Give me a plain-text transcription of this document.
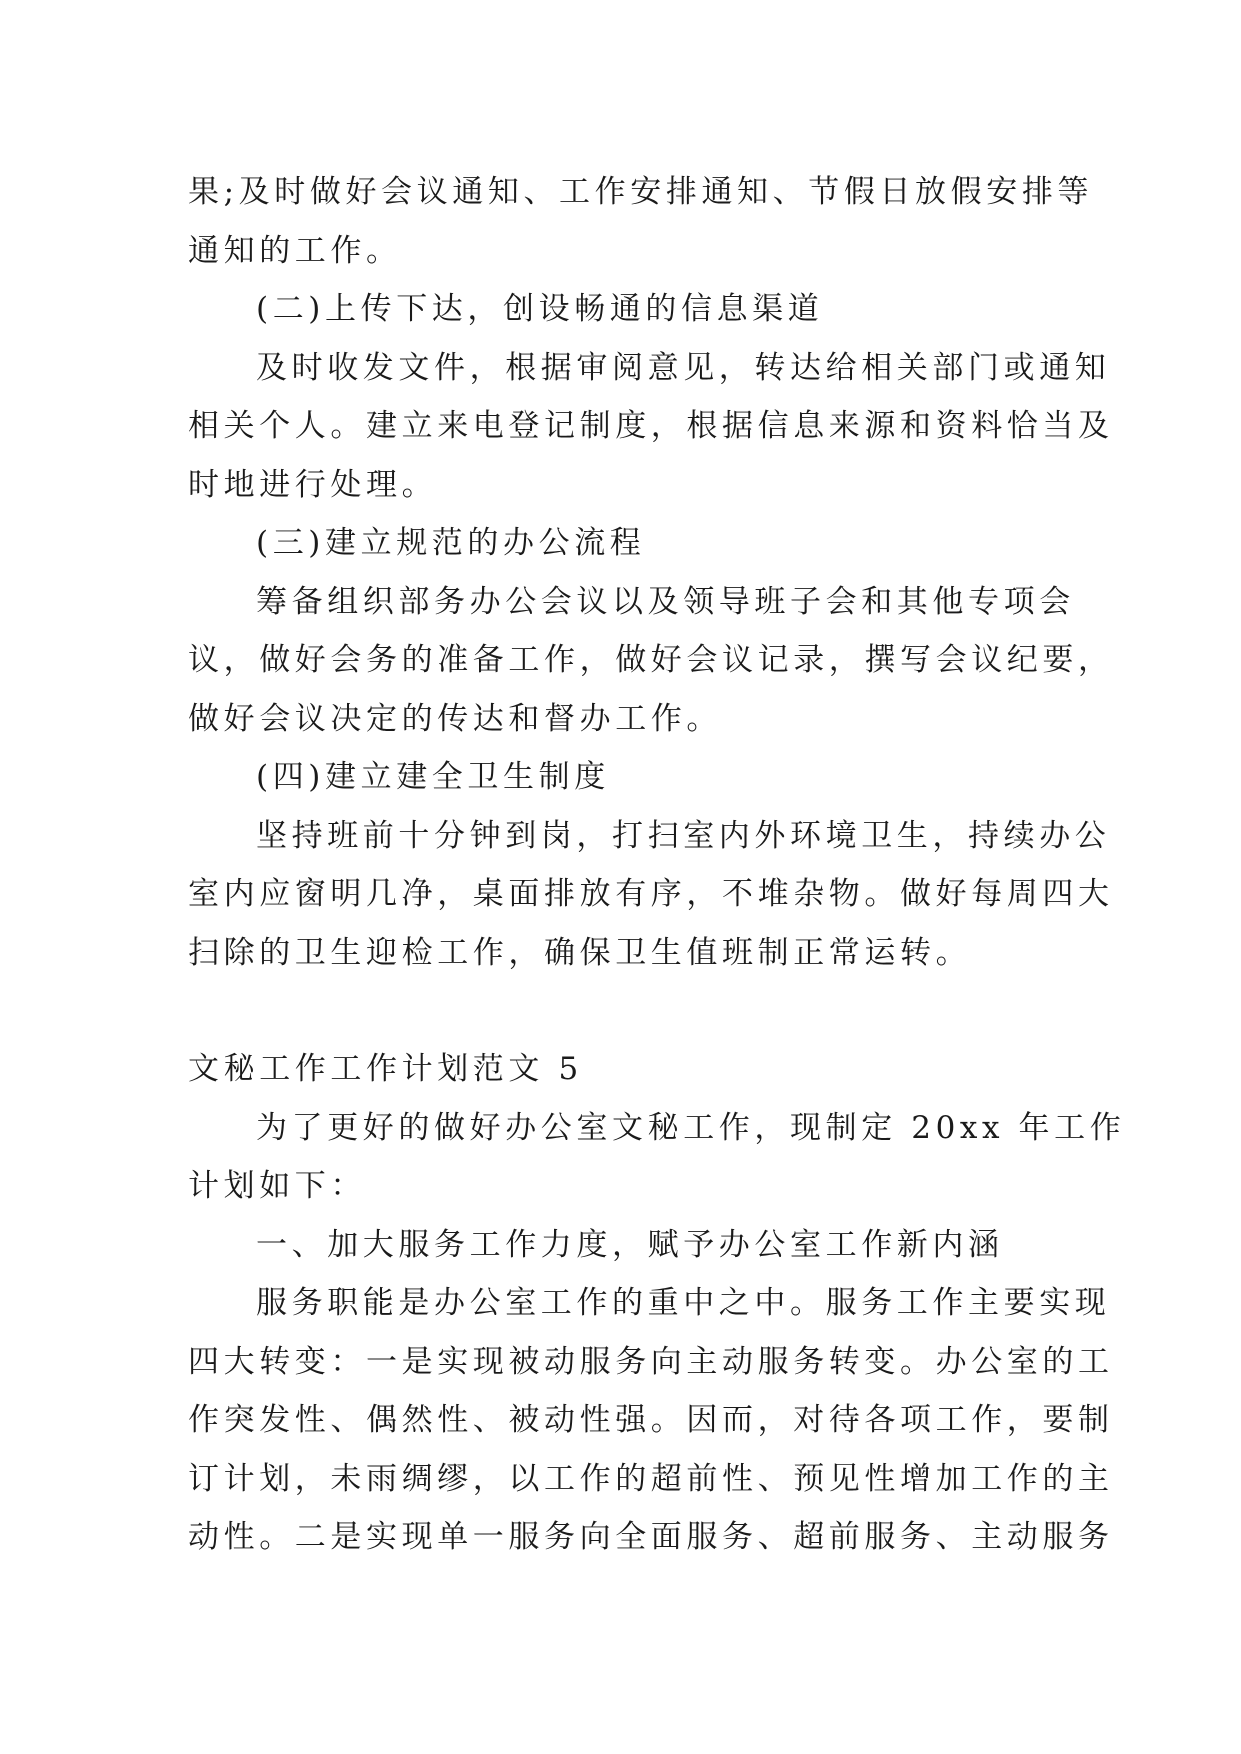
果;及时做好会议通知、工作安排通知、节假日放假安排等
通知的工作。
(二)上传下达，创设畅通的信息渠道
及时收发文件，根据审阅意见，转达给相关部门或通知
相关个人。建立来电登记制度，根据信息来源和资料恰当及
时地进行处理。
(三)建立规范的办公流程
筹备组织部务办公会议以及领导班子会和其他专项会
议，做好会务的准备工作，做好会议记录，撰写会议纪要，
做好会议决定的传达和督办工作。
(四)建立建全卫生制度
坚持班前十分钟到岗，打扫室内外环境卫生，持续办公
室内应窗明几净，桌面排放有序，不堆杂物。做好每周四大
扫除的卫生迎检工作，确保卫生值班制正常运转。
文秘工作工作计划范文 5
为了更好的做好办公室文秘工作，现制定 20xx 年工作
计划如下：
一、加大服务工作力度，赋予办公室工作新内涵
服务职能是办公室工作的重中之中。服务工作主要实现
四大转变：一是实现被动服务向主动服务转变。办公室的工
作突发性、偶然性、被动性强。因而，对待各项工作，要制
订计划，未雨绸缪，以工作的超前性、预见性增加工作的主
动性。二是实现单一服务向全面服务、超前服务、主动服务
